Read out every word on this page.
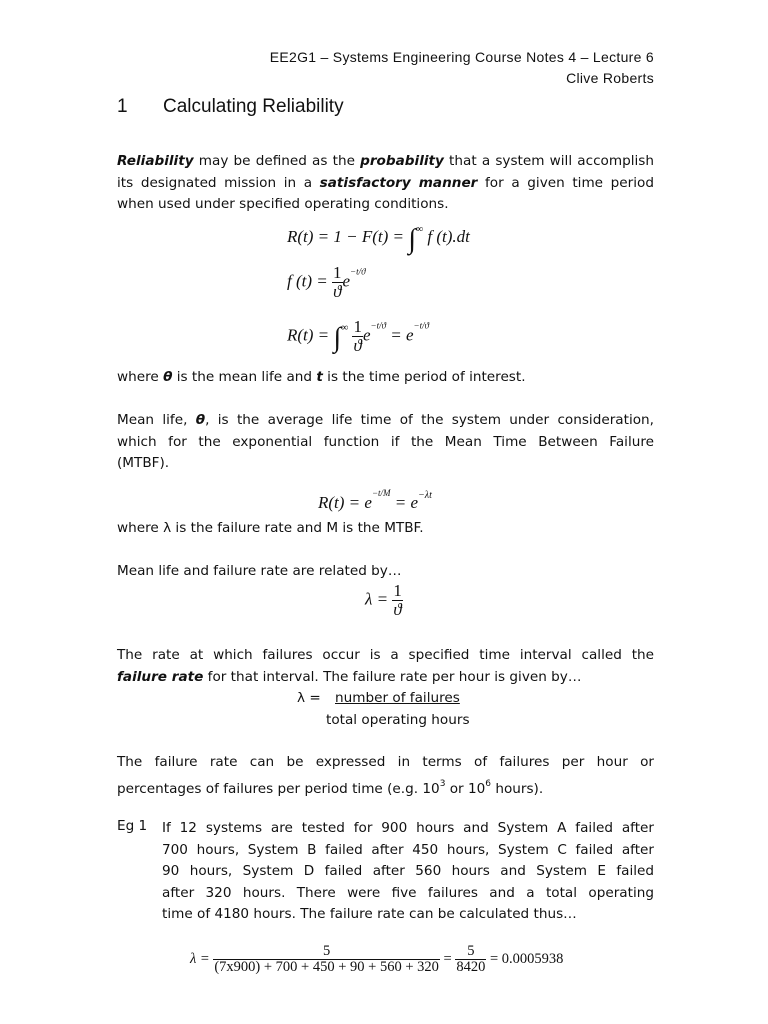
EE2G1 – Systems Engineering Course Notes 4 – Lecture 6
Clive Roberts
1 Calculating Reliability
Reliability may be defined as the probability that a system will accomplish
its designated mission in a satisfactory manner for a given time period
when used under specified operating conditions.
R(t) = 1 − F(t) = ∫∞ f (t).dt
f $(t) = \frac{1}{ϑ} e^{-t/ϑ}$
$R(t) = \int^\infty \frac{1}{ϑ} e^{-t/ϑ} = e^{-t/ϑ}$
where θ is the mean life and t is the time period of interest.
Mean life, θ, is the average life time of the system under consideration,
which for the exponential function if the Mean Time Between Failure
(MTBF).
$R(t) = e^{-t/M} = e^{-\lambda t}$
where λ is the failure rate and M is the MTBF.
Mean life and failure rate are related by…
$\lambda = \frac{1}{ϑ}$
The rate at which failures occur is a specified time interval called the
failure rate for that interval. The failure rate per hour is given by…
λ = number of failures
total operating hours
The failure rate can be expressed in terms of failures per hour or
percentages of failures per period time (e.g. $10^3$ or $10^6$ hours).
Eg 1 If 12 systems are tested for 900 hours and System A failed after
700 hours, System B failed after 450 hours, System C failed after
90 hours, System D failed after 560 hours and System E failed
after 320 hours. There were five failures and a total operating
time of 4180 hours. The failure rate can be calculated thus…
$\lambda = \frac{5}{(7x900) + 700 + 450 + 90 + 560 + 320} = \frac{5}{8420} = 0.0005938$
